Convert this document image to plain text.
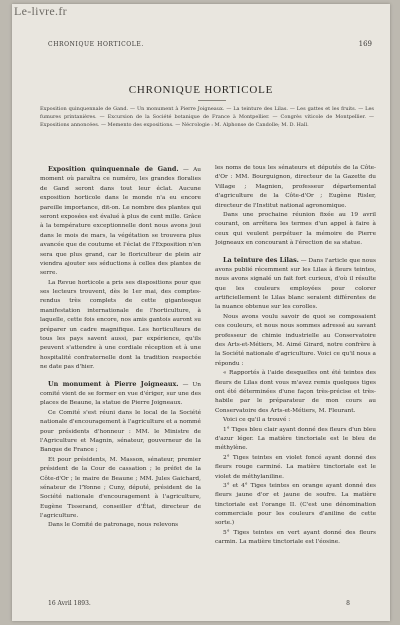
Le-livre.fr
CHRONIQUE HORTICOLE.	169
CHRONIQUE HORTICOLE
Exposition quinquennale de Gand. — Un monument à Pierre Joigneaux. — La teinture des Lilas. — Les gattes et les fruits. — Les fumures printanières. — Excursion de la Société botanique de France à Montpellier. — Congrès viticole de Montpellier. — Expositions annoncées. — Memento des expositions. — Nécrologie : M. Alphonse de Candolle; M. D. Hall.

Exposition quinquennale de Gand. — Au moment où paraîtra ce numéro, les grandes floralies de Gand seront dans tout leur éclat. Aucune exposition horticole dans le monde n'a eu encore pareille importance, dit-on. Le nombre des plantes qui seront exposées est évalué à plus de cent mille. Grâce à la température exceptionnelle dont nous avons joui dans le mois de mars, la végétation se trouvera plus avancée que de coutume et l'éclat de l'Exposition n'en sera que plus grand, car le floriculteur de plein air viendra ajouter ses séductions à celles des plantes de serre.

La Revue horticole a pris ses dispositions pour que ses lecteurs trouvent, dès le 1er mai, des comptes-rendus très complets de cette gigantesque manifestation internationale de l'horticulture, à laquelle, cette fois encore, nos amis gantois auront su préparer un cadre magnifique. Les horticulteurs de tous les pays savent aussi, par expérience, qu'ils peuvent s'attendre à une cordiale réception et à une hospitalité confraternelle dont la tradition respectée ne date pas d'hier.

Un monument à Pierre Joigneaux. — Un comité vient de se former en vue d'ériger, sur une des places de Beaune, la statue de Pierre Joigneaux.

Ce Comité s'est réuni dans le local de la Société nationale d'encouragement à l'agriculture et a nommé pour présidents d'honneur : MM. le Ministre de l'Agriculture et Magnin, sénateur, gouverneur de la Banque de France ;

Et pour présidents, M. Masson, sénateur, premier président de la Cour de cassation ; le préfet de la Côte-d'Or ; le maire de Beaune ; MM. Jules Gaichard, sénateur de l'Yonne ; Cuny, député, président de la Société nationale d'encouragement à l'agriculture, Eugène Tisserand, conseiller d'État, directeur de l'agriculture.

Dans le Comité de patronage, nous relevons

les noms de tous les sénateurs et députés de la Côte-d'Or : MM. Bourguignon, directeur de la Gazette du Village ; Magnien, professeur départemental d'agriculture de la Côte-d'Or ; Eugène Risler, directeur de l'Institut national agronomique.

Dans une prochaine réunion fixée au 19 avril courant, on arrêtera les termes d'un appel à faire à ceux qui veulent perpétuer la mémoire de Pierre Joigneaux en concourant à l'érection de sa statue.

La teinture des Lilas. — Dans l'article que nous avons publié récemment sur les Lilas à fleurs teintes, nous avons signalé un fait fort curieux, d'où il résulte que les couleurs employées pour colorer artificiellement le Lilas blanc seraient différentes de la nuance obtenue sur les corolles.

Nous avons voulu savoir de quoi se composaient ces couleurs, et nous nous sommes adressé au savant professeur de chimie industrielle au Conservatoire des Arts-et-Métiers, M. Aimé Girard, notre confrère à la Société nationale d'agriculture. Voici ce qu'il nous a répondu :

« Rapportés à l'aide desquelles ont été teintes des fleurs de Lilas dont vous m'avez remis quelques tiges ont été déterminées d'une façon très-précise et très-habile par le préparateur de mon cours au Conservatoire des Arts-et-Métiers, M. Fleurant.

Voici ce qu'il a trouvé :

1° Tiges bleu clair ayant donné des fleurs d'un bleu d'azur léger. La matière tinctoriale est le bleu de méthylène.

2° Tiges teintes en violet foncé ayant donné des fleurs rouge carminé. La matière tinctoriale est le violet de méthylaniline.

3° et 4° Tiges teintes en orange ayant donné des fleurs jaune d'or et jaune de soufre. La matière tinctoriale est l'orange II. (C'est une dénomination commerciale pour les couleurs d'aniline de cette sorte.)

5° Tiges teintes en vert ayant donné des fleurs carmin. La matière tinctoriale est l'éosine.

16 Avril 1893.	8
